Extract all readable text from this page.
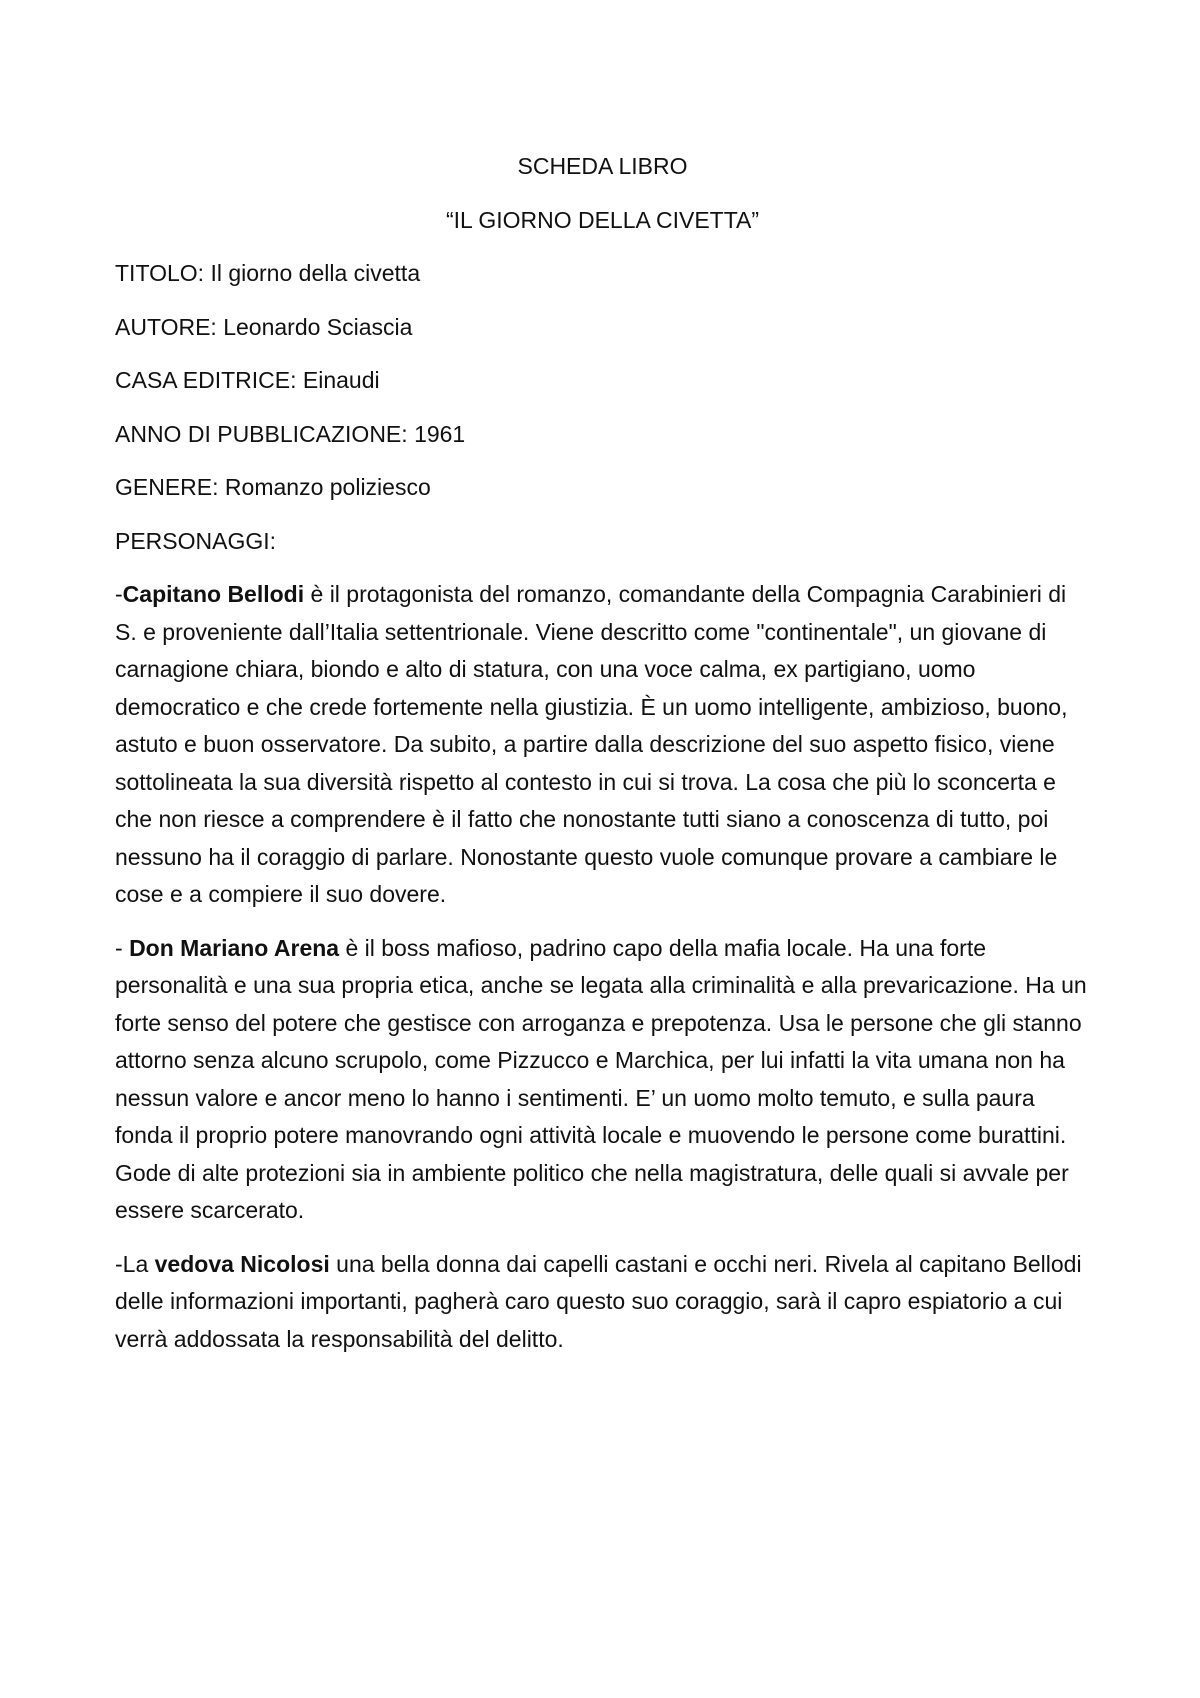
SCHEDA LIBRO
“IL GIORNO DELLA CIVETTA”
TITOLO: Il giorno della civetta
AUTORE: Leonardo Sciascia
CASA EDITRICE: Einaudi
ANNO DI PUBBLICAZIONE: 1961
GENERE: Romanzo poliziesco
PERSONAGGI:
-Capitano Bellodi è il protagonista del romanzo, comandante della Compagnia Carabinieri di S. e proveniente dall’Italia settentrionale. Viene descritto come "continentale", un giovane di carnagione chiara, biondo e alto di statura, con una voce calma, ex partigiano, uomo democratico e che crede fortemente nella giustizia. È un uomo intelligente, ambizioso, buono, astuto e buon osservatore. Da subito, a partire dalla descrizione del suo aspetto fisico, viene sottolineata la sua diversità rispetto al contesto in cui si trova. La cosa che più lo sconcerta e che non riesce a comprendere è il fatto che nonostante tutti siano a conoscenza di tutto, poi nessuno ha il coraggio di parlare. Nonostante questo vuole comunque provare a cambiare le cose e a compiere il suo dovere.
- Don Mariano Arena è il boss mafioso, padrino capo della mafia locale. Ha una forte personalità e una sua propria etica, anche se legata alla criminalità e alla prevaricazione. Ha un forte senso del potere che gestisce con arroganza e prepotenza. Usa le persone che gli stanno attorno senza alcuno scrupolo, come Pizzucco e Marchica, per lui infatti la vita umana non ha nessun valore e ancor meno lo hanno i sentimenti. E’ un uomo molto temuto, e sulla paura fonda il proprio potere manovrando ogni attività locale e muovendo le persone come burattini. Gode di alte protezioni sia in ambiente politico che nella magistratura, delle quali si avvale per essere scarcerato.
-La vedova Nicolosi una bella donna dai capelli castani e occhi neri. Rivela al capitano Bellodi delle informazioni importanti, pagherà caro questo suo coraggio, sarà il capro espiatorio a cui verrà addossata la responsabilità del delitto.
